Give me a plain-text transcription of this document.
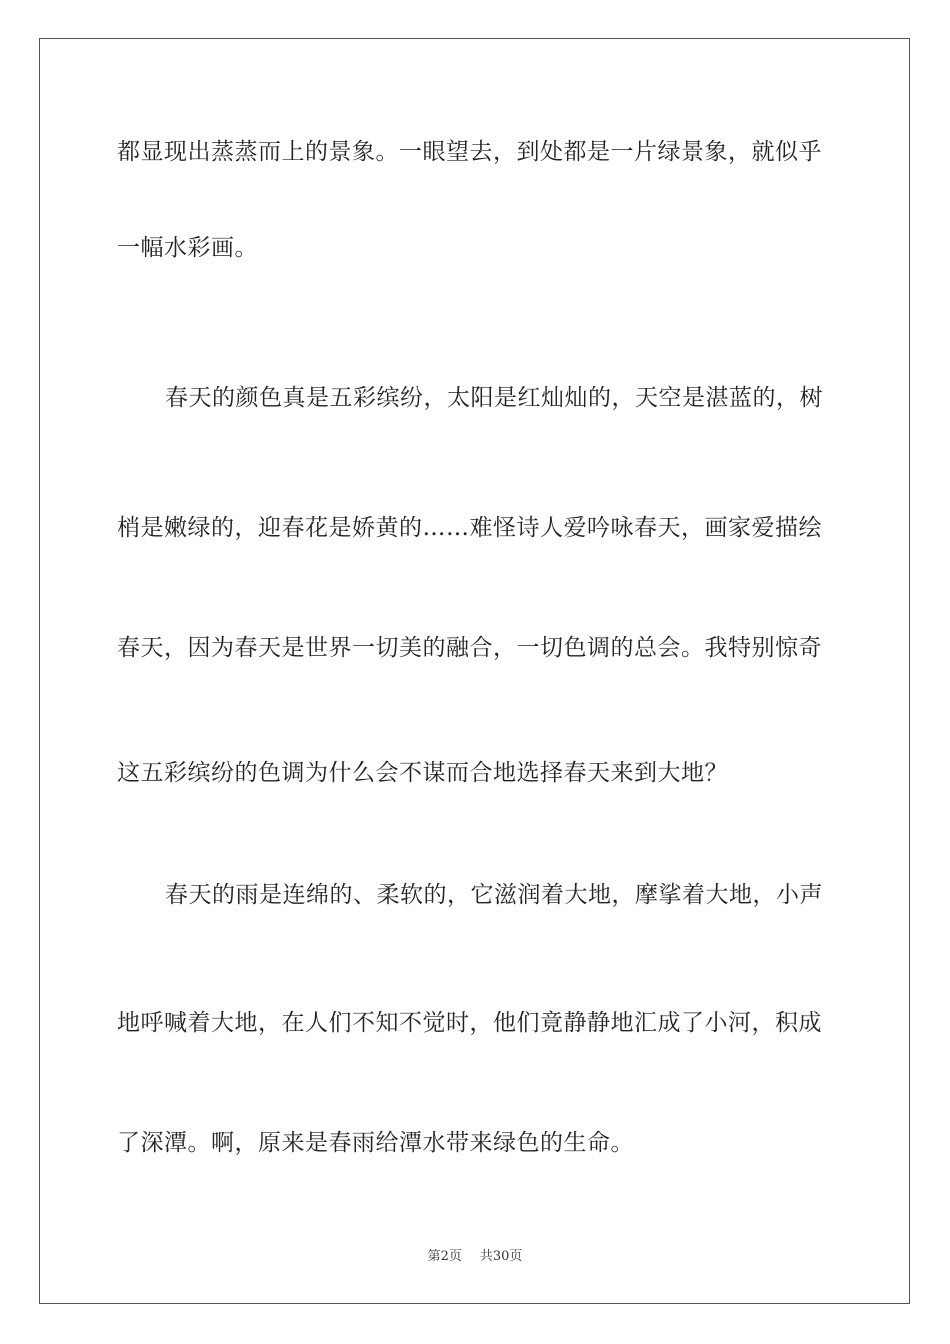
都显现出蒸蒸而上的景象。一眼望去，到处都是一片绿景象，就似乎
一幅水彩画。
春天的颜色真是五彩缤纷，太阳是红灿灿的，天空是湛蓝的，树
梢是嫩绿的，迎春花是娇黄的……难怪诗人爱吟咏春天，画家爱描绘
春天，因为春天是世界一切美的融合，一切色调的总会。我特别惊奇
这五彩缤纷的色调为什么会不谋而合地选择春天来到大地？
春天的雨是连绵的、柔软的，它滋润着大地，摩挲着大地，小声
地呼喊着大地，在人们不知不觉时，他们竟静静地汇成了小河，积成
了深潭。啊，原来是春雨给潭水带来绿色的生命。
第2页 共30页
